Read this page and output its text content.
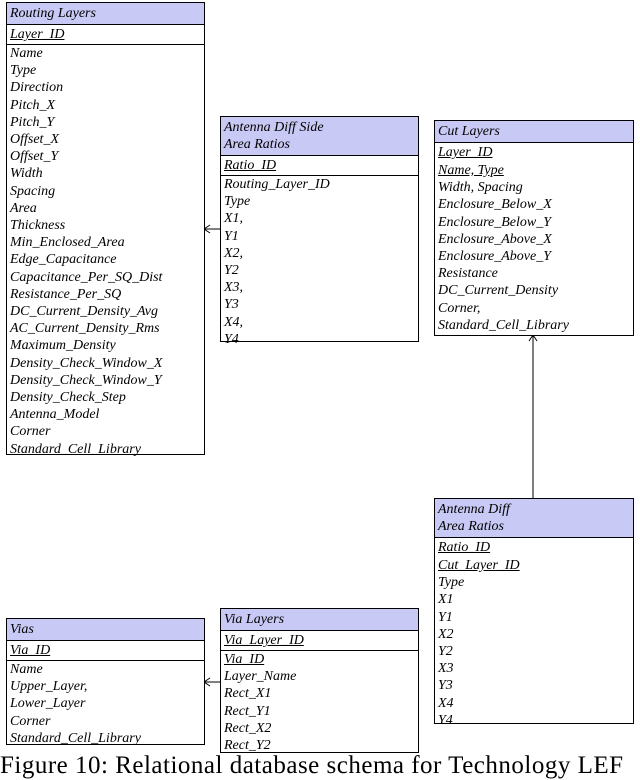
Routing Layers
Layer_ID
Name
Type
Direction
Pitch_X
Pitch_Y
Offset_X
Offset_Y
Width
Spacing
Area
Thickness
Min_Enclosed_Area
Edge_Capacitance
Capacitance_Per_SQ_Dist
Resistance_Per_SQ
DC_Current_Density_Avg
AC_Current_Density_Rms
Maximum_Density
Density_Check_Window_X
Density_Check_Window_Y
Density_Check_Step
Antenna_Model
Corner
Standard_Cell_Library
Antenna Diff Side
Area Ratios
Ratio_ID
Routing_Layer_ID
Type
X1,
Y1
X2,
Y2
X3,
Y3
X4,
Y4
Cut Layers
Layer_ID
Name, Type
Width, Spacing
Enclosure_Below_X
Enclosure_Below_Y
Enclosure_Above_X
Enclosure_Above_Y
Resistance
DC_Current_Density
Corner,
Standard_Cell_Library
Antenna Diff
Area Ratios
Ratio_ID
Cut_Layer_ID
Type
X1
Y1
X2
Y2
X3
Y3
X4
Y4
Vias
Via_ID
Name
Upper_Layer,
Lower_Layer
Corner
Standard_Cell_Library
Via Layers
Via_Layer_ID
Via_ID
Layer_Name
Rect_X1
Rect_Y1
Rect_X2
Rect_Y2
Figure 10: Relational database schema for Technology LEF
